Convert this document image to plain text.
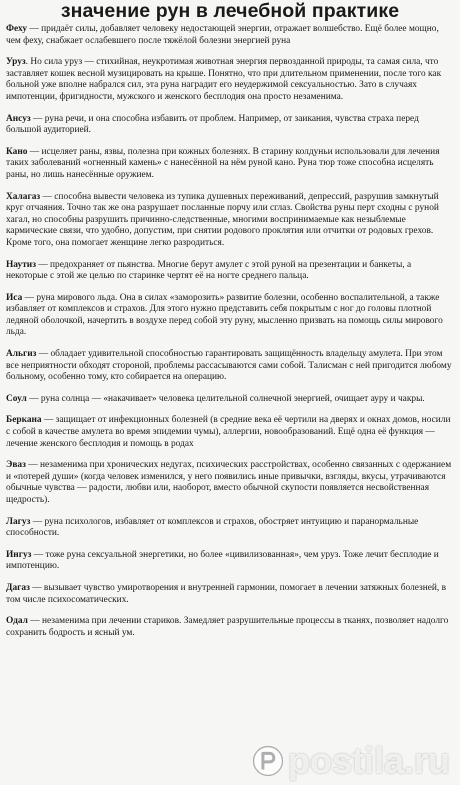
значение рун в лечебной практике

Феху — придаёт силы, добавляет человеку недостающей энергии, отражает волшебство. Ещё более мощно, чем феху, снабжает ослабевшего после тяжёлой болезни энергией руна

Уруз. Но сила уруз — стихийная, неукротимая животная энергия первозданной природы, та самая сила, что заставляет кошек весной музицировать на крыше. Понятно, что при длительном применении, после того как больной уже вполне набрался сил, эта руна наградит его неудержимой сексуальностью. Зато в случаях импотенции, фригидности, мужского и женского бесплодия она просто незаменима.

Ансуз — руна речи, и она способна избавить от проблем. Например, от заикания, чувства страха перед большой аудиторией.

Кано — исцеляет раны, язвы, полезна при кожных болезнях. В старину колдуньи использовали для лечения таких заболеваний «огненный камень» с нанесённой на нём руной кано. Руна тюр тоже способна исцелять раны, но лишь нанесённые оружием.

Халагаз — способна вывести человека из тупика душевных переживаний, депрессий, разрушив замкнутый круг отчаяния. Точно так же она разрушает посланные порчу или сглаз. Свойства руны перт сходны с руной хагал, но способны разрушить причинно-следственные, многими воспринимаемые как незыблемые кармические связи, что удобно, допустим, при снятии родового проклятия или отчитки от родовых грехов. Кроме того, она помогает женщине легко разродиться.

Наутиз — предохраняет от пьянства. Многие берут амулет с этой руной на презентации и банкеты, а некоторые с этой же целью по старинке чертят её на ногте среднего пальца.

Иса — руна мирового льда. Она в силах «заморозить» развитие болезни, особенно воспалительной, а также избавляет от комплексов и страхов. Для этого нужно представить себя покрытым с ног до головы плотной ледяной оболочкой, начертить в воздухе перед собой эту руну, мысленно призвать на помощь силы мирового льда.

Альгиз — обладает удивительной способностью гарантировать защищённость владельцу амулета. При этом все неприятности обходят стороной, проблемы рассасываются сами собой. Талисман с ней пригодится любому больному, особенно тому, кто собирается на операцию.

Соул — руна солнца — «накачивает» человека целительной солнечной энергией, очищает ауру и чакры.

Беркана — защищает от инфекционных болезней (в средние века её чертили на дверях и окнах домов, носили с собой в качестве амулета во время эпидемии чумы), аллергии, новообразований. Ещё одна её функция — лечение женского бесплодия и помощь в родах

Эваз — незаменима при хронических недугах, психических расстройствах, особенно связанных с одержанием и «потерей души» (когда человек изменился, у него появились иные привычки, взгляды, вкусы, утрачиваются обычные чувства — радости, любви или, наоборот, вместо обычной скупости появляется несвойственная щедрость).

Лагуз — руна психологов, избавляет от комплексов и страхов, обостряет интуицию и паранормальные способности.

Ингуз — тоже руна сексуальной энергетики, но более «цивилизованная», чем уруз. Тоже лечит бесплодие и импотенцию.

Дагаз — вызывает чувство умиротворения и внутренней гармонии, помогает в лечении затяжных болезней, в том числе психосоматических.

Одал — незаменима при лечении стариков. Замедляет разрушительные процессы в тканях, позволяет надолго сохранить бодрость и ясный ум.

postila.ru
